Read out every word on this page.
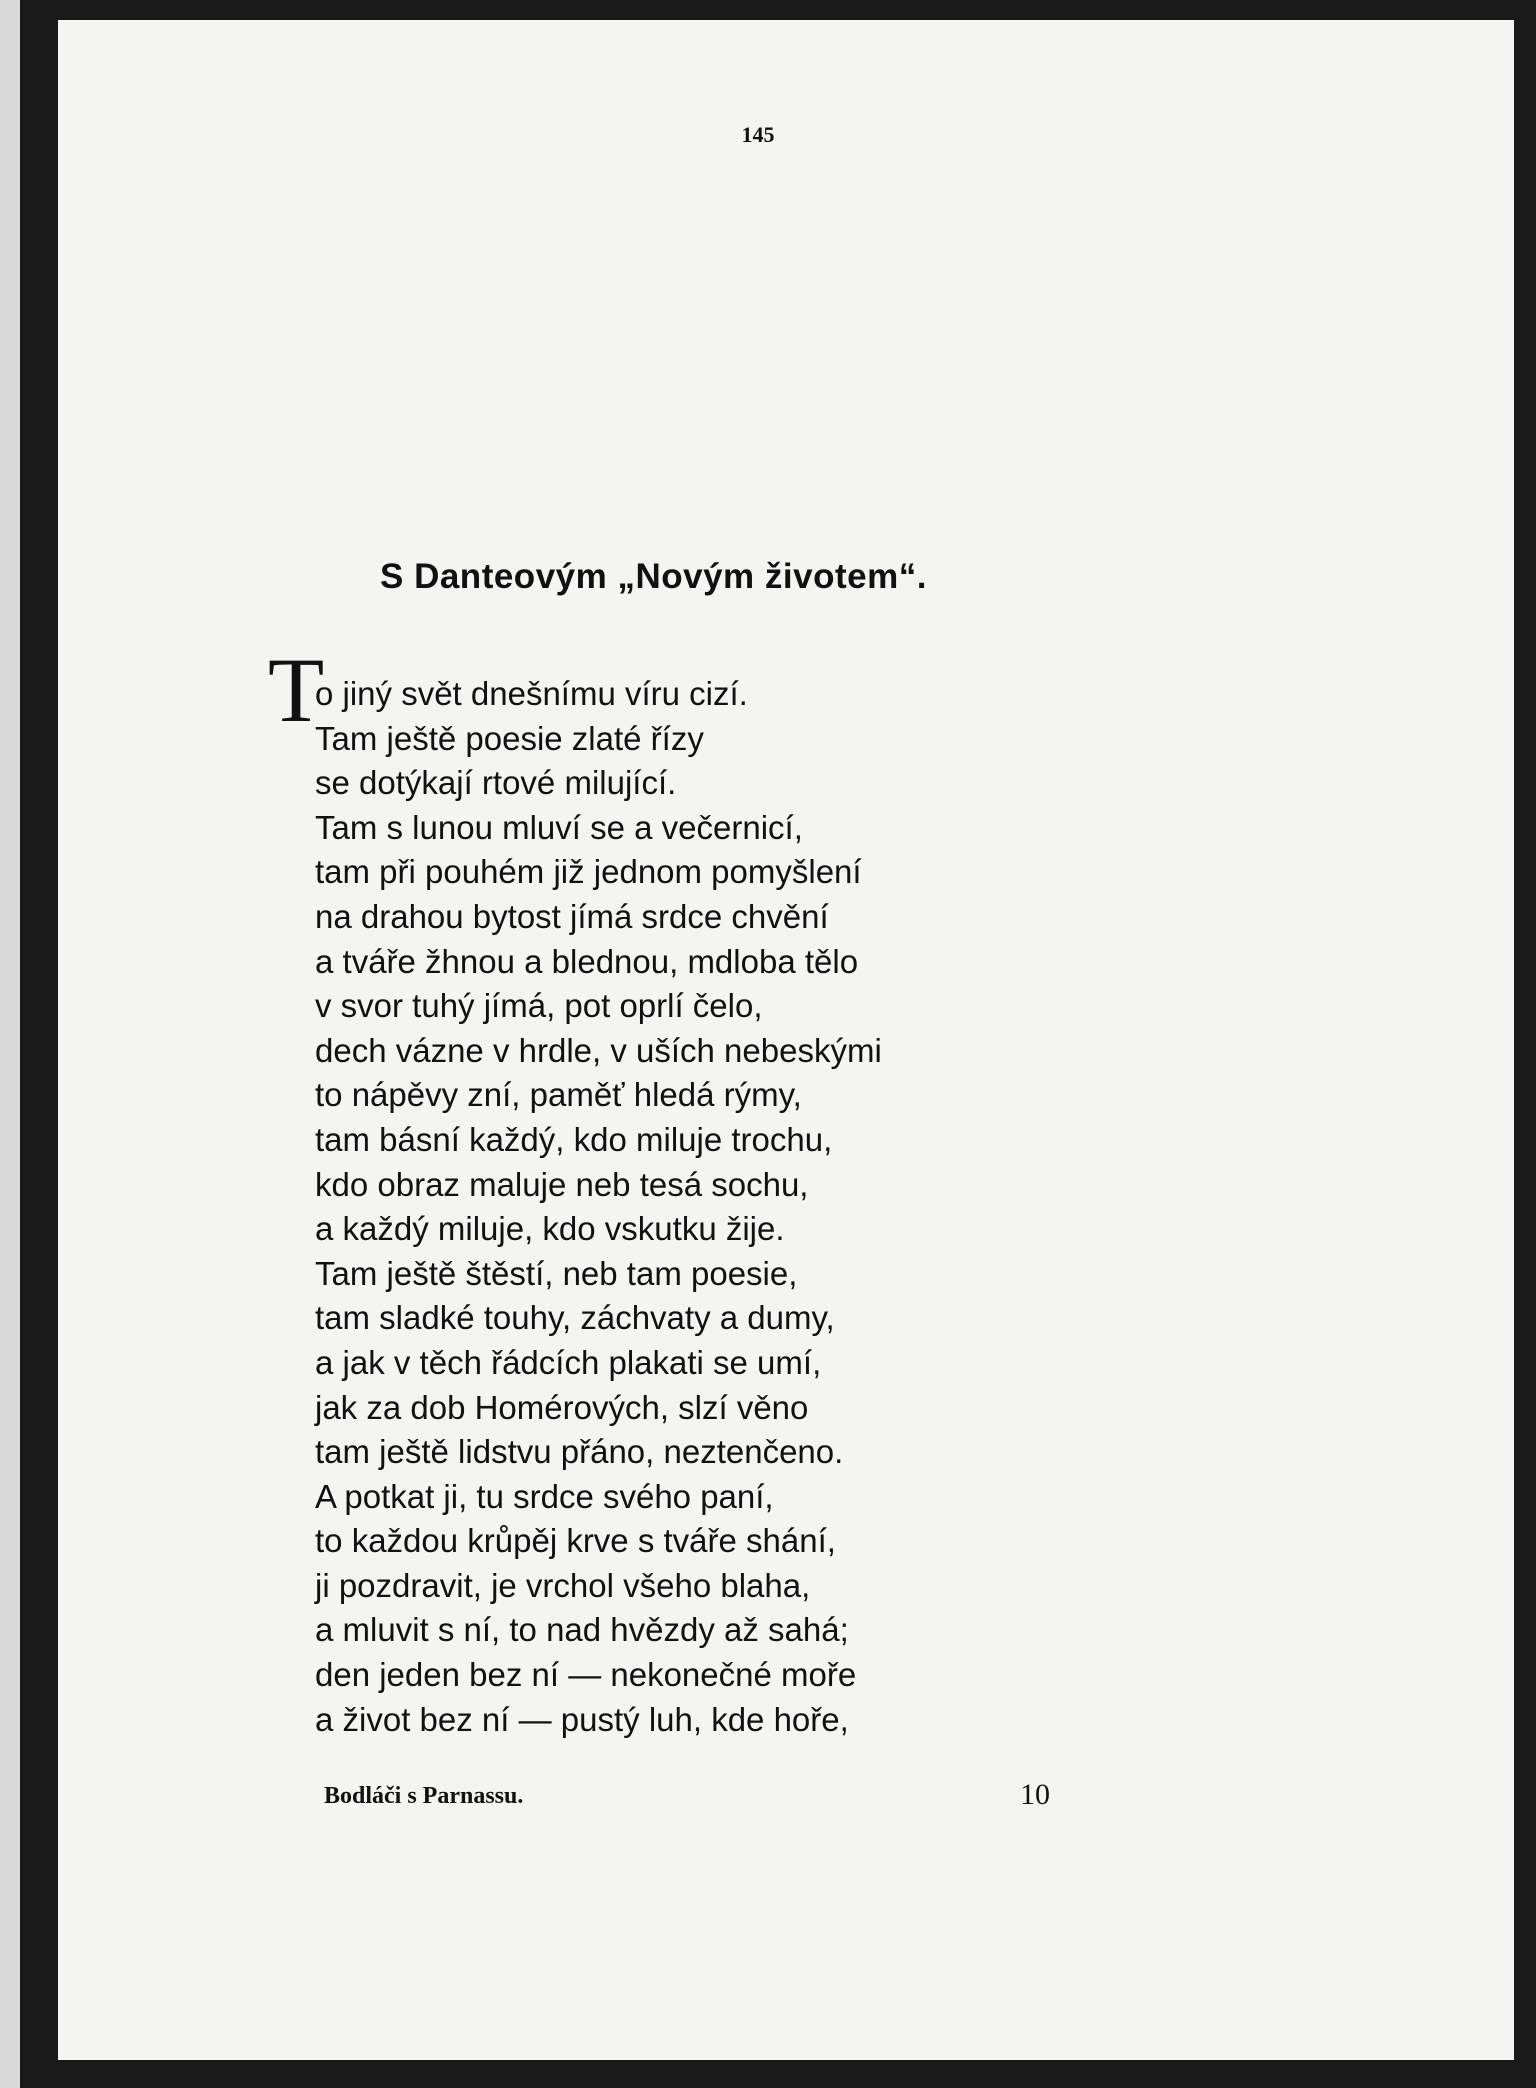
145
S Danteovým „Novým životem“.
T
o jiný svět dnešnímu víru cizí.
Tam ještě poesie zlaté řízy
se dotýkají rtové milující.
Tam s lunou mluví se a večernicí,
tam při pouhém již jednom pomyšlení
na drahou bytost jímá srdce chvění
a tváře žhnou a blednou, mdloba tělo
v svor tuhý jímá, pot oprlí čelo,
dech vázne v hrdle, v uších nebeskými
to nápěvy zní, paměť hledá rýmy,
tam básní každý, kdo miluje trochu,
kdo obraz maluje neb tesá sochu,
a každý miluje, kdo vskutku žije.
Tam ještě štěstí, neb tam poesie,
tam sladké touhy, záchvaty a dumy,
a jak v těch řádcích plakati se umí,
jak za dob Homérových, slzí věno
tam ještě lidstvu přáno, neztenčeno.
A potkat ji, tu srdce svého paní,
to každou krůpěj krve s tváře shání,
ji pozdravit, je vrchol všeho blaha,
a mluvit s ní, to nad hvězdy až sahá;
den jeden bez ní — nekonečné moře
a život bez ní — pustý luh, kde hoře,
Bodláči s Parnassu.	10
